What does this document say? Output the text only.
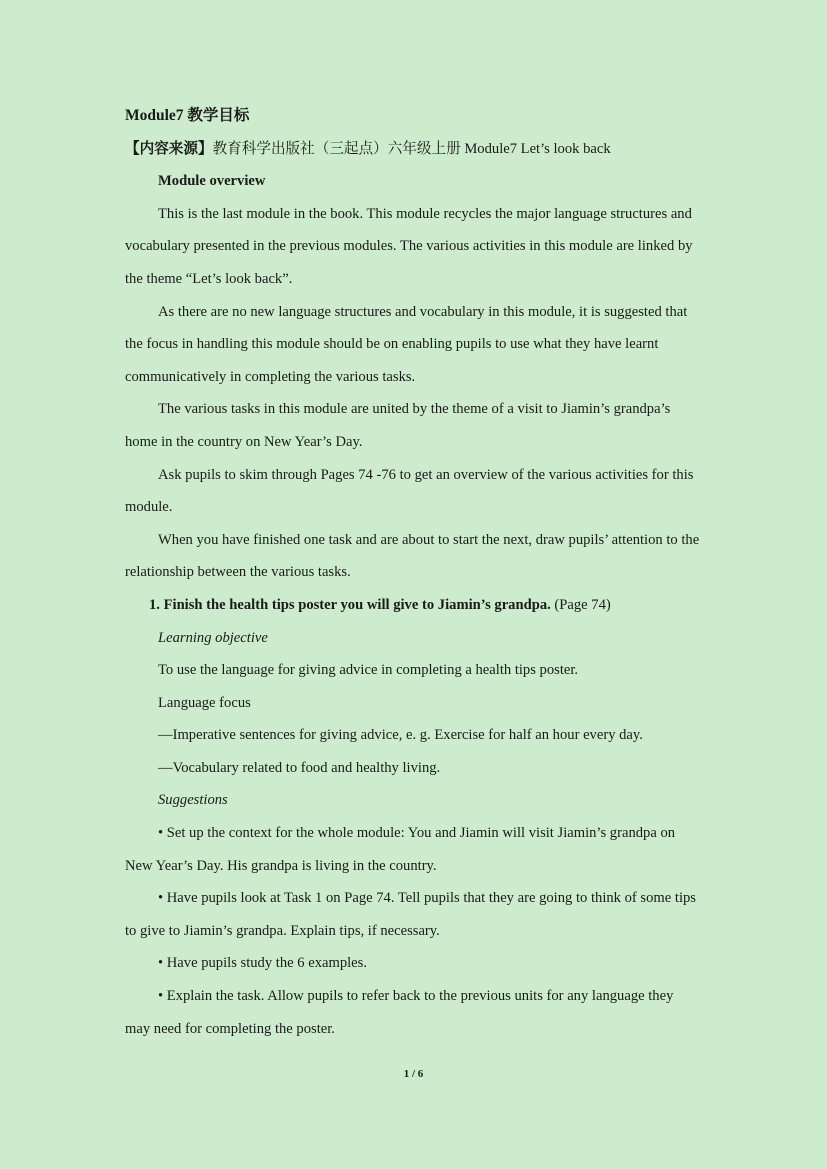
Module7 教学目标

【内容来源】教育科学出版社（三起点）六年级上册 Module7 Let’s look back

Module overview

This is the last module in the book. This module recycles the major language structures and vocabulary presented in the previous modules. The various activities in this module are linked by the theme “Let’s look back”.

As there are no new language structures and vocabulary in this module, it is suggested that the focus in handling this module should be on enabling pupils to use what they have learnt communicatively in completing the various tasks.

The various tasks in this module are united by the theme of a visit to Jiamin’s grandpa’s home in the country on New Year’s Day.

Ask pupils to skim through Pages 74 -76 to get an overview of the various activities for this module.

When you have finished one task and are about to start the next, draw pupils’ attention to the relationship between the various tasks.

1. Finish the health tips poster you will give to Jiamin’s grandpa. (Page 74)

Learning objective

To use the language for giving advice in completing a health tips poster.

Language focus

—Imperative sentences for giving advice, e. g. Exercise for half an hour every day.

—Vocabulary related to food and healthy living.

Suggestions

• Set up the context for the whole module: You and Jiamin will visit Jiamin’s grandpa on New Year’s Day. His grandpa is living in the country.

• Have pupils look at Task 1 on Page 74. Tell pupils that they are going to think of some tips to give to Jiamin’s grandpa. Explain tips, if necessary.

• Have pupils study the 6 examples.

• Explain the task. Allow pupils to refer back to the previous units for any language they may need for completing the poster.

1 / 6
